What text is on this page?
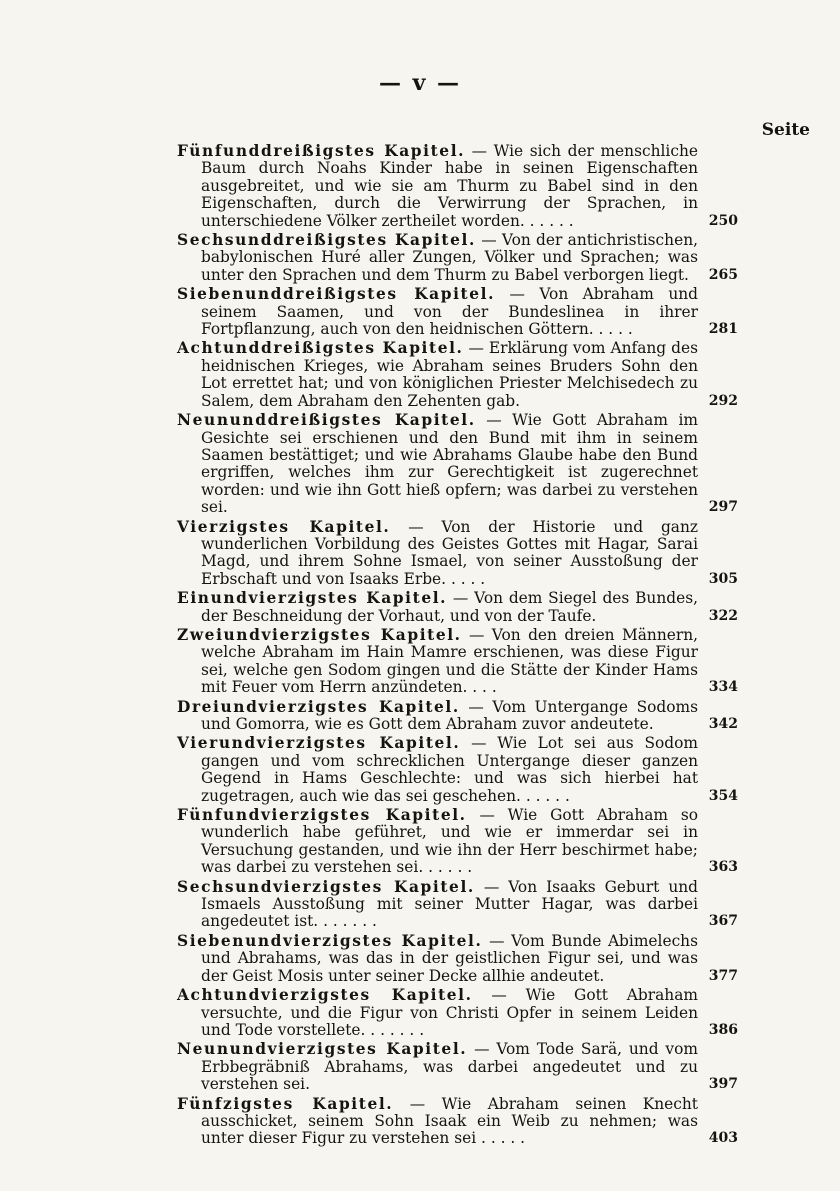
— v —
Seite
Fünfunddreißigstes Kapitel. — Wie sich der menschliche Baum durch Noahs Kinder habe in seinen Eigenschaften ausgebreitet, und wie sie am Thurm zu Babel sind in den Eigenschaften, durch die Verwirrung der Sprachen, in unterschiedene Völker zertheilet worden. . . . . .	250
Sechsunddreißigstes Kapitel. — Von der antichristischen, babylonischen Huré aller Zungen, Völker und Sprachen; was unter den Sprachen und dem Thurm zu Babel verborgen liegt.	265
Siebenunddreißigstes Kapitel. — Von Abraham und seinem Saamen, und von der Bundeslinea in ihrer Fortpflanzung, auch von den heidnischen Göttern. . . . .	281
Achtunddreißigstes Kapitel. — Erklärung vom Anfang des heidnischen Krieges, wie Abraham seines Bruders Sohn den Lot errettet hat; und von königlichen Priester Melchisedech zu Salem, dem Abraham den Zehenten gab.	292
Neununddreißigstes Kapitel. — Wie Gott Abraham im Gesichte sei erschienen und den Bund mit ihm in seinem Saamen bestättiget; und wie Abrahams Glaube habe den Bund ergriffen, welches ihm zur Gerechtigkeit ist zugerechnet worden: und wie ihn Gott hieß opfern; was darbei zu verstehen sei.	297
Vierzigstes Kapitel. — Von der Historie und ganz wunderlichen Vorbildung des Geistes Gottes mit Hagar, Sarai Magd, und ihrem Sohne Ismael, von seiner Ausstoßung der Erbschaft und von Isaaks Erbe. . . . .	305
Einundvierzigstes Kapitel. — Von dem Siegel des Bundes, der Beschneidung der Vorhaut, und von der Taufe.	322
Zweiundvierzigstes Kapitel. — Von den dreien Männern, welche Abraham im Hain Mamre erschienen, was diese Figur sei, welche gen Sodom gingen und die Stätte der Kinder Hams mit Feuer vom Herrn anzündeten. . . .	334
Dreiundvierzigstes Kapitel. — Vom Untergange Sodoms und Gomorra, wie es Gott dem Abraham zuvor andeutete.	342
Vierundvierzigstes Kapitel. — Wie Lot sei aus Sodom gangen und vom schrecklichen Untergange dieser ganzen Gegend in Hams Geschlechte: und was sich hierbei hat zugetragen, auch wie das sei geschehen. . . . . .	354
Fünfundvierzigstes Kapitel. — Wie Gott Abraham so wunderlich habe geführet, und wie er immerdar sei in Versuchung gestanden, und wie ihn der Herr beschirmet habe; was darbei zu verstehen sei. . . . . .	363
Sechsundvierzigstes Kapitel. — Von Isaaks Geburt und Ismaels Ausstoßung mit seiner Mutter Hagar, was darbei angedeutet ist. . . . . . .	367
Siebenundvierzigstes Kapitel. — Vom Bunde Abimelechs und Abrahams, was das in der geistlichen Figur sei, und was der Geist Mosis unter seiner Decke allhie andeutet.	377
Achtundvierzigstes Kapitel. — Wie Gott Abraham versuchte, und die Figur von Christi Opfer in seinem Leiden und Tode vorstellete. . . . . . .	386
Neunundvierzigstes Kapitel. — Vom Tode Sarä, und vom Erbbegräbniß Abrahams, was darbei angedeutet und zu verstehen sei.	397
Fünfzigstes Kapitel. — Wie Abraham seinen Knecht ausschicket, seinem Sohn Isaak ein Weib zu nehmen; was unter dieser Figur zu verstehen sei . . . . .	403
